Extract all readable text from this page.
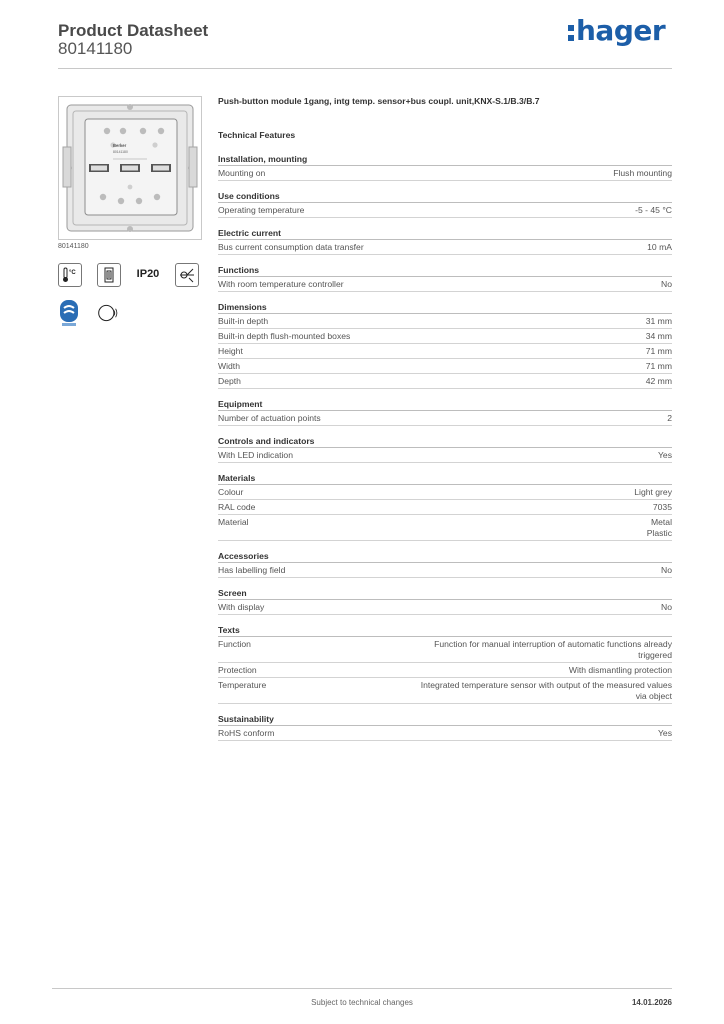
Product Datasheet
80141180
hager
Berker
80141180
80141180
°C	IP20
Push-button module 1gang, intg temp. sensor+bus coupl. unit,KNX-S.1/B.3/B.7
Technical Features
Installation, mounting
Mounting on	Flush mounting
Use conditions
Operating temperature	-5 - 45 °C
Electric current
Bus current consumption data transfer	10 mA
Functions
With room temperature controller	No
Dimensions
Built-in depth	31 mm
Built-in depth flush-mounted boxes	34 mm
Height	71 mm
Width	71 mm
Depth	42 mm
Equipment
Number of actuation points	2
Controls and indicators
With LED indication	Yes
Materials
Colour	Light grey
RAL code	7035
Material	Metal
Plastic
Accessories
Has labelling field	No
Screen
With display	No
Texts
Function	Function for manual interruption of automatic functions already
triggered
Protection	With dismantling protection
Temperature	Integrated temperature sensor with output of the measured values
via object
Sustainability
RoHS conform	Yes
Subject to technical changes	14.01.2026
